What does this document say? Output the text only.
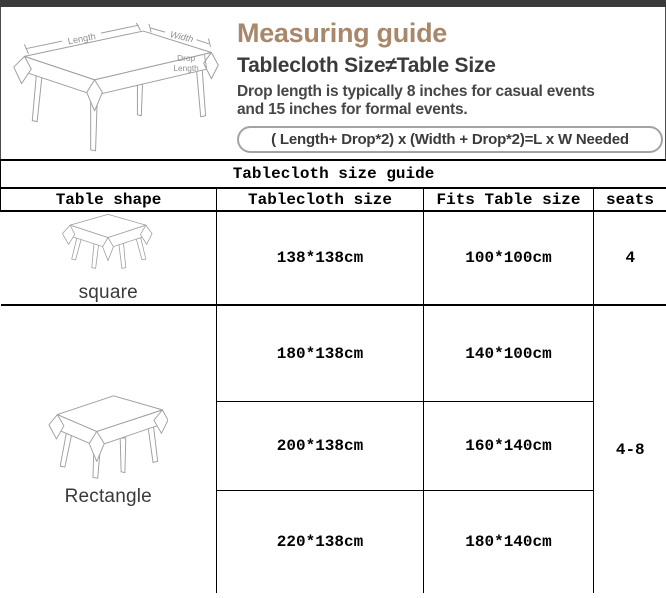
Length	Width
Drop
Length
Measuring guide
Tablecloth Size≠Table Size

Drop length is typically 8 inches for casual events
and 15 inches for formal events.

( Length+ Drop*2) x (Width + Drop*2)=L x W Needed
Tablecloth size guide			
Table shape	Tablecloth size	Fits Table size	seats

square	138*138cm	100*100cm	4

Rectangle	180*138cm	140*100cm	4-8
	200*138cm	160*140cm	
	220*138cm	180*140cm	
